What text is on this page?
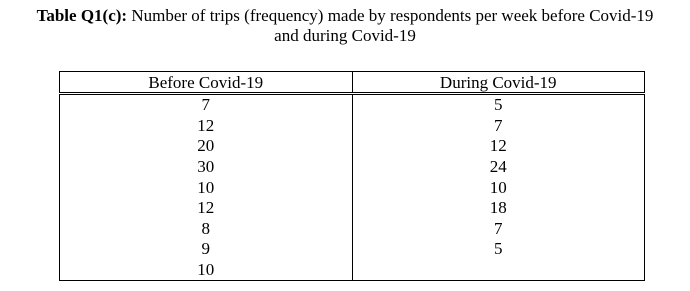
Table Q1(c): Number of trips (frequency) made by respondents per week before Covid-19
and during Covid-19
Before Covid-19	During Covid-19
7	5
12	7
20	12
30	24
10	10
12	18
8	7
9	5
10	
